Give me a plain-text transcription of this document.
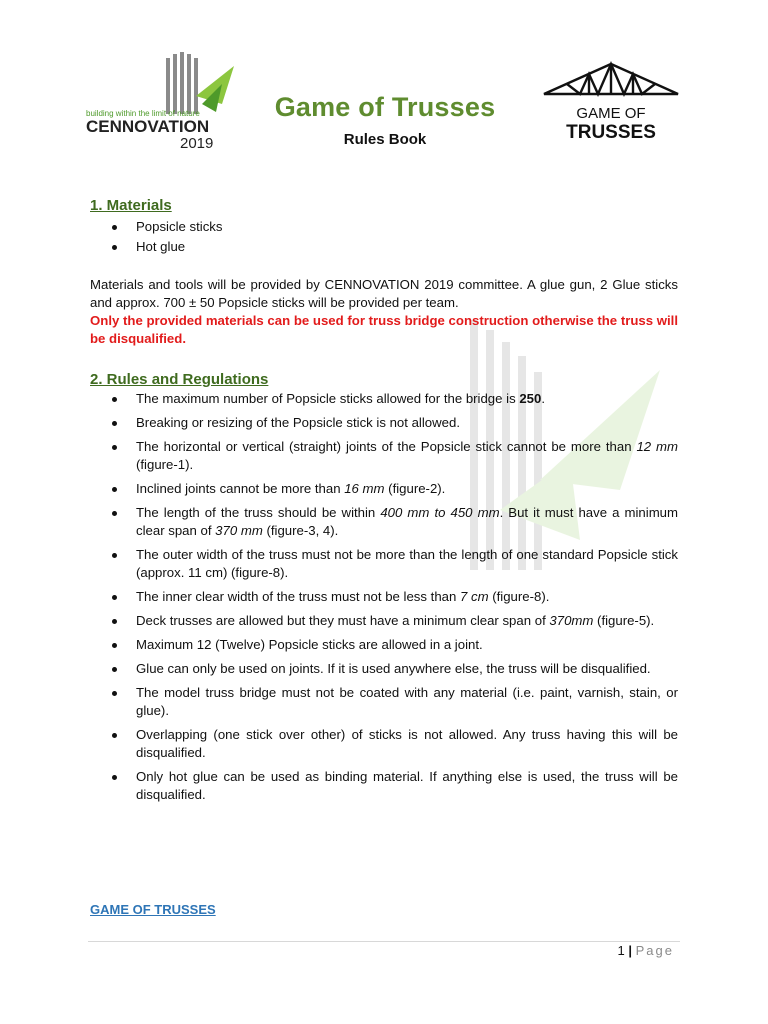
building within the limit of nature
CENNOVATION
2019
Game of Trusses
Rules Book
GAME OF
TRUSSES
1. Materials
Popsicle sticks
Hot glue
Materials and tools will be provided by CENNOVATION 2019 committee. A glue gun, 2 Glue sticks and approx. 700 ± 50 Popsicle sticks will be provided per team.
Only the provided materials can be used for truss bridge construction otherwise the truss will be disqualified.
2. Rules and Regulations
The maximum number of Popsicle sticks allowed for the bridge is 250.
Breaking or resizing of the Popsicle stick is not allowed.
The horizontal or vertical (straight) joints of the Popsicle stick cannot be more than 12 mm (figure-1).
Inclined joints cannot be more than 16 mm (figure-2).
The length of the truss should be within 400 mm to 450 mm. But it must have a minimum clear span of 370 mm (figure-3, 4).
The outer width of the truss must not be more than the length of one standard Popsicle stick (approx. 11 cm) (figure-8).
The inner clear width of the truss must not be less than 7 cm (figure-8).
Deck trusses are allowed but they must have a minimum clear span of 370mm (figure-5).
Maximum 12 (Twelve) Popsicle sticks are allowed in a joint.
Glue can only be used on joints. If it is used anywhere else, the truss will be disqualified.
The model truss bridge must not be coated with any material (i.e. paint, varnish, stain, or glue).
Overlapping (one stick over other) of sticks is not allowed. Any truss having this will be disqualified.
Only hot glue can be used as binding material. If anything else is used, the truss will be disqualified.
GAME OF TRUSSES
1 | Page
